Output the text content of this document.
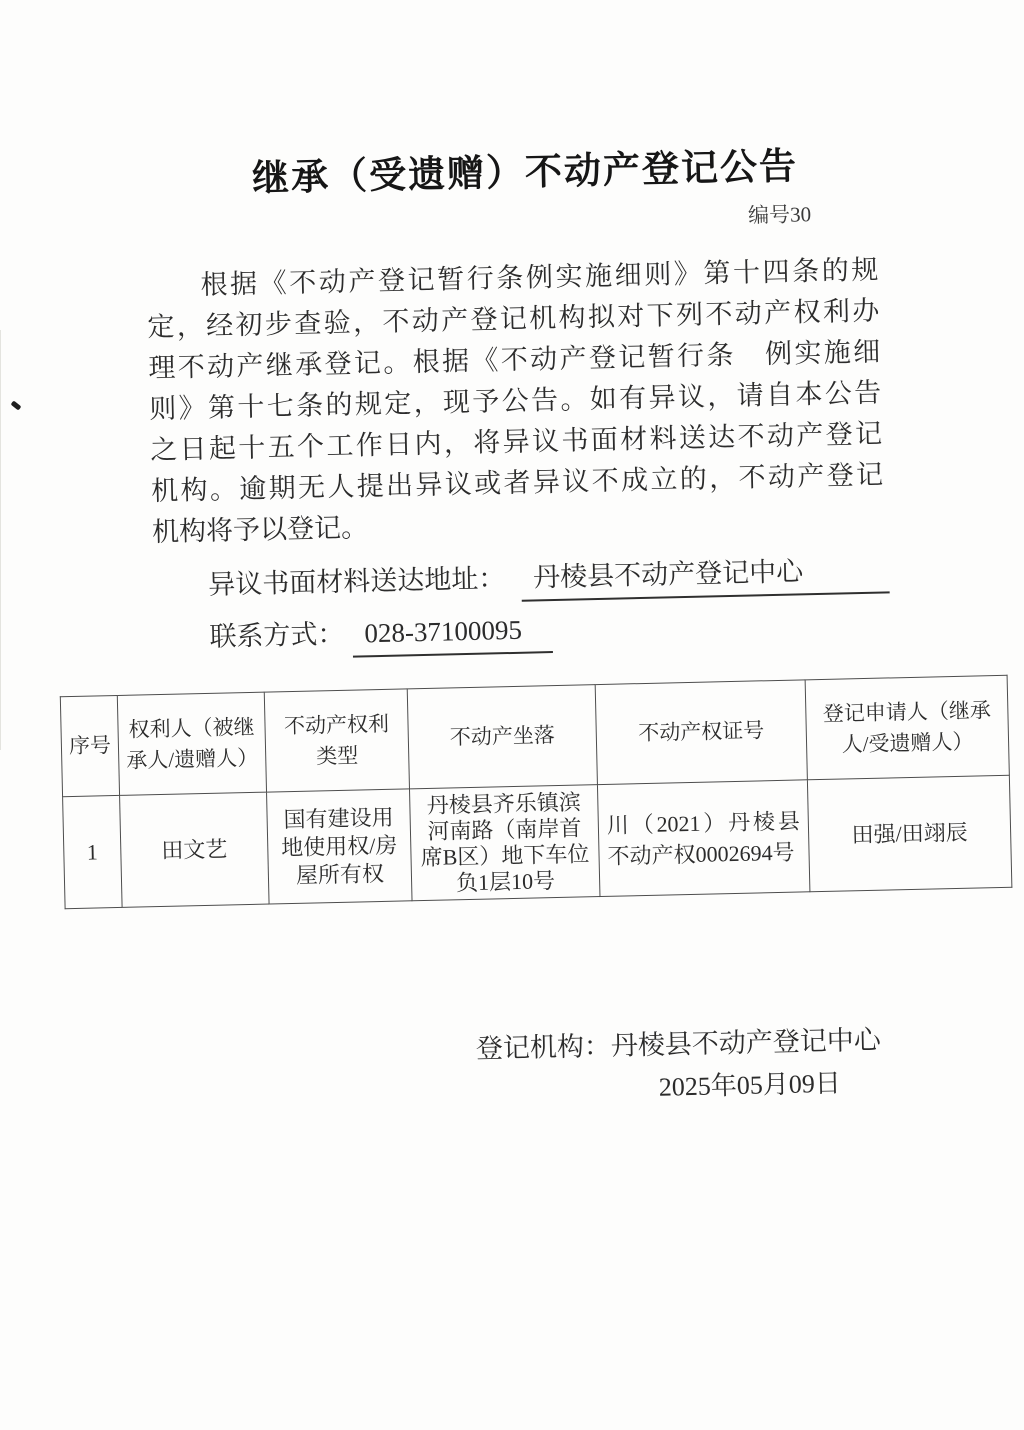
继承（受遗赠）不动产登记公告
编号30
根据《不动产登记暂行条例实施细则》第十四条的规
定，经初步查验，不动产登记机构拟对下列不动产权利办
理不动产继承登记。根据《不动产登记暂行条　例实施细
则》第十七条的规定，现予公告。如有异议，请自本公告
之日起十五个工作日内，将异议书面材料送达不动产登记
机构。逾期无人提出异议或者异议不成立的，不动产登记
机构将予以登记。
异议书面材料送达地址： 丹棱县不动产登记中心
联系方式： 028-37100095
序号	权利人（被继承人/遗赠人）	不动产权利类型	不动产坐落	不动产权证号	登记申请人（继承人/受遗赠人）
1	田文艺	国有建设用地使用权/房屋所有权	丹棱县齐乐镇滨河南路（南岸首席B区）地下车位负1层10号	川（2021）丹棱县不动产权0002694号	田强/田翊辰
登记机构：丹棱县不动产登记中心
2025年05月09日
